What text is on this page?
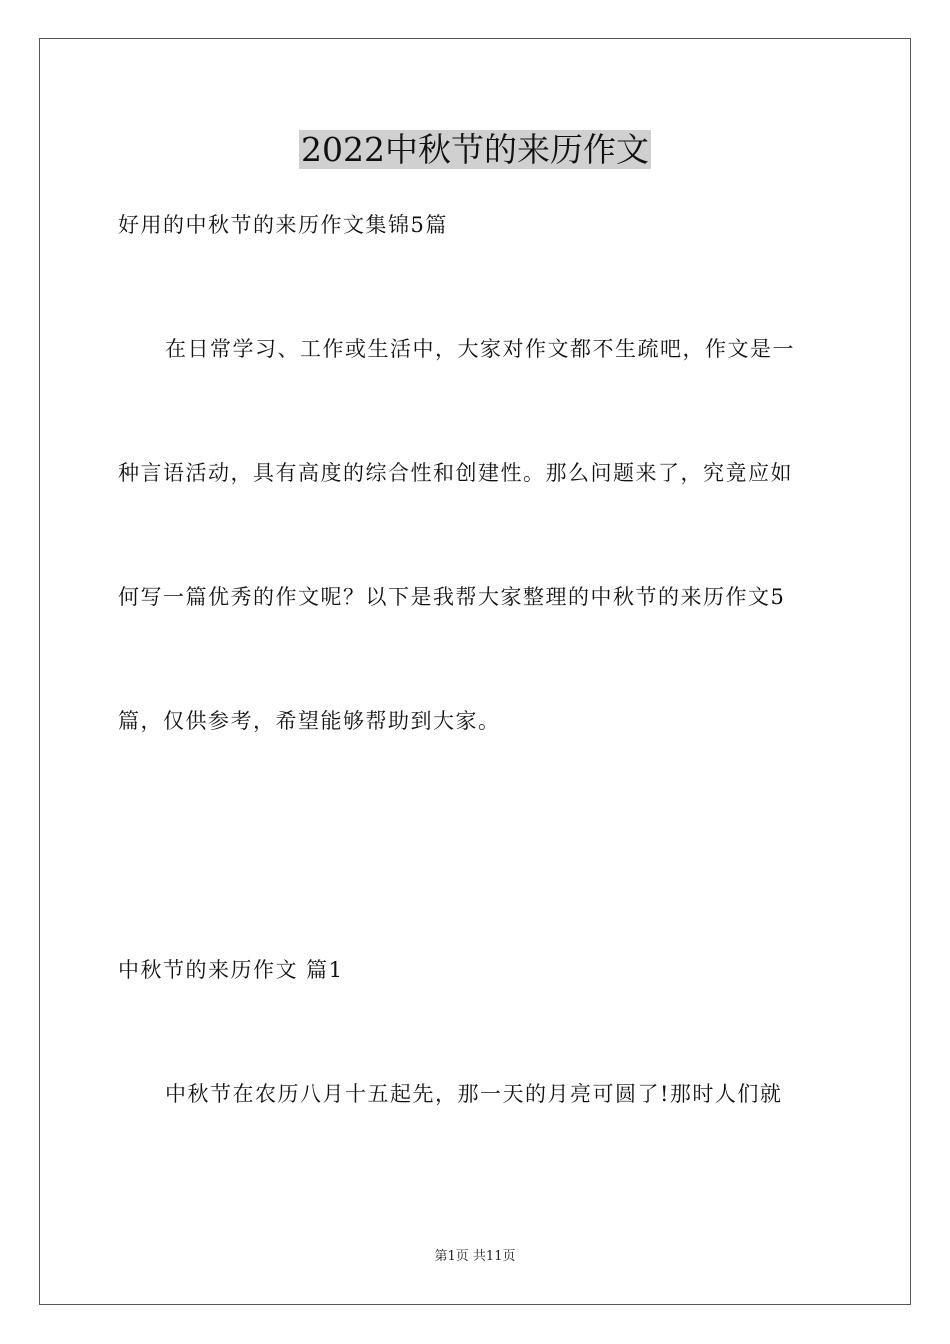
2022中秋节的来历作文
好用的中秋节的来历作文集锦5篇
在日常学习、工作或生活中，大家对作文都不生疏吧，作文是一
种言语活动，具有高度的综合性和创建性。那么问题来了，究竟应如
何写一篇优秀的作文呢？以下是我帮大家整理的中秋节的来历作文5
篇，仅供参考，希望能够帮助到大家。
中秋节的来历作文 篇1
中秋节在农历八月十五起先，那一天的月亮可圆了!那时人们就
第1页 共11页
